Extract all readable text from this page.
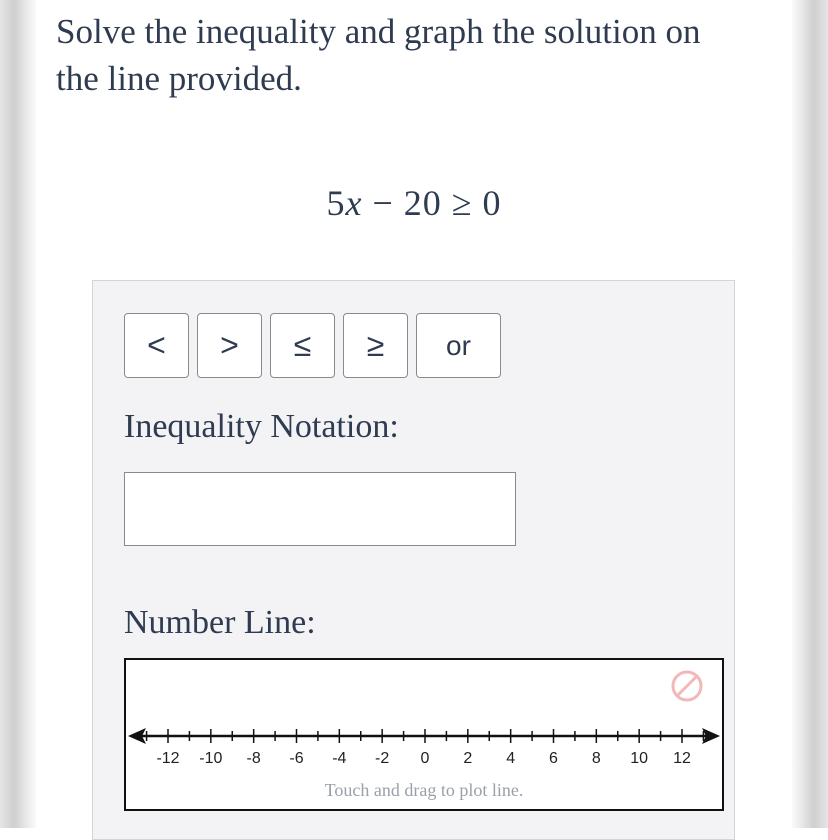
Solve the inequality and graph the solution on the line provided.
5x − 20 ≥ 0
<	>	≤	≥	or
Inequality Notation:
Number Line:
-12 -10 -8 -6 -4 -2 0 2 4 6 8 10 12
Touch and drag to plot line.
